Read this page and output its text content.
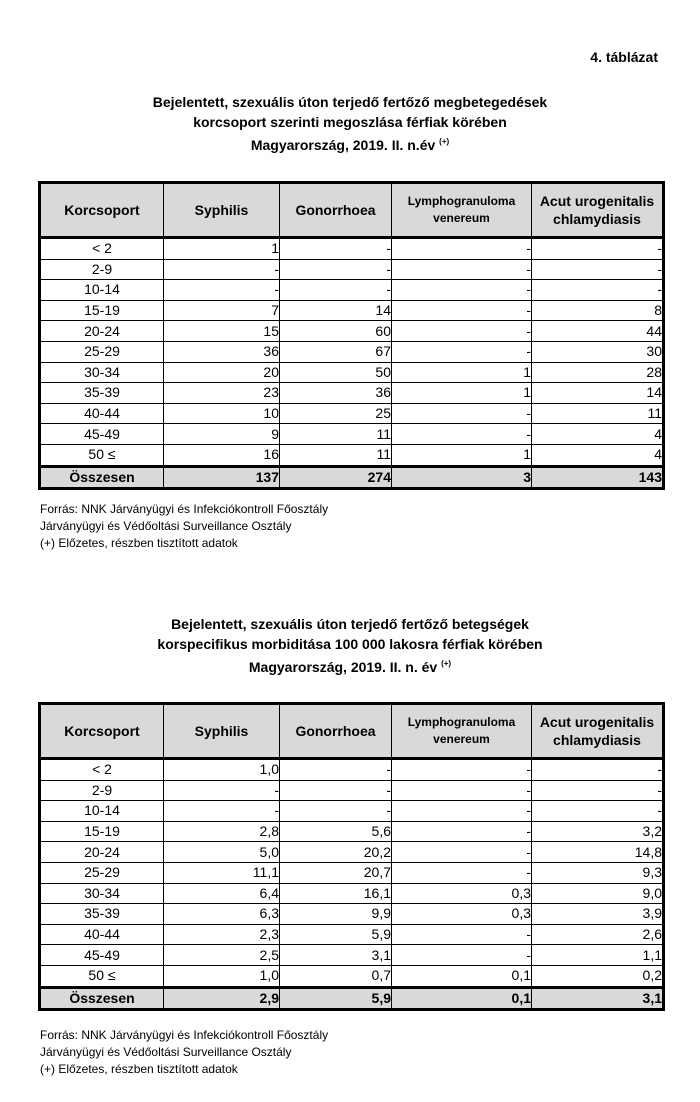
4. táblázat
Bejelentett, szexuális úton terjedő fertőző megbetegedések
korcsoport szerinti megoszlása férfiak körében
Magyarország, 2019. II. n.év (+)
Korcsoport	Syphilis	Gonorrhoea	Lymphogranuloma venereum	Acut urogenitalis chlamydiasis
< 2	1	-	-	-
2-9	-	-	-	-
10-14	-	-	-	-
15-19	7	14	-	8
20-24	15	60	-	44
25-29	36	67	-	30
30-34	20	50	1	28
35-39	23	36	1	14
40-44	10	25	-	11
45-49	9	11	-	4
50 ≤	16	11	1	4
Összesen	137	274	3	143
Forrás: NNK Járványügyi és Infekciókontroll Főosztály
Járványügyi és Védőoltási Surveillance Osztály
(+) Előzetes, részben tisztított adatok
Bejelentett, szexuális úton terjedő fertőző betegségek
korspecifikus morbiditása 100 000 lakosra férfiak körében
Magyarország, 2019. II. n. év (+)
Korcsoport	Syphilis	Gonorrhoea	Lymphogranuloma venereum	Acut urogenitalis chlamydiasis
< 2	1,0	-	-	-
2-9	-	-	-	-
10-14	-	-	-	-
15-19	2,8	5,6	-	3,2
20-24	5,0	20,2	-	14,8
25-29	11,1	20,7	-	9,3
30-34	6,4	16,1	0,3	9,0
35-39	6,3	9,9	0,3	3,9
40-44	2,3	5,9	-	2,6
45-49	2,5	3,1	-	1,1
50 ≤	1,0	0,7	0,1	0,2
Összesen	2,9	5,9	0,1	3,1
Forrás: NNK Járványügyi és Infekciókontroll Főosztály
Járványügyi és Védőoltási Surveillance Osztály
(+) Előzetes, részben tisztított adatok
